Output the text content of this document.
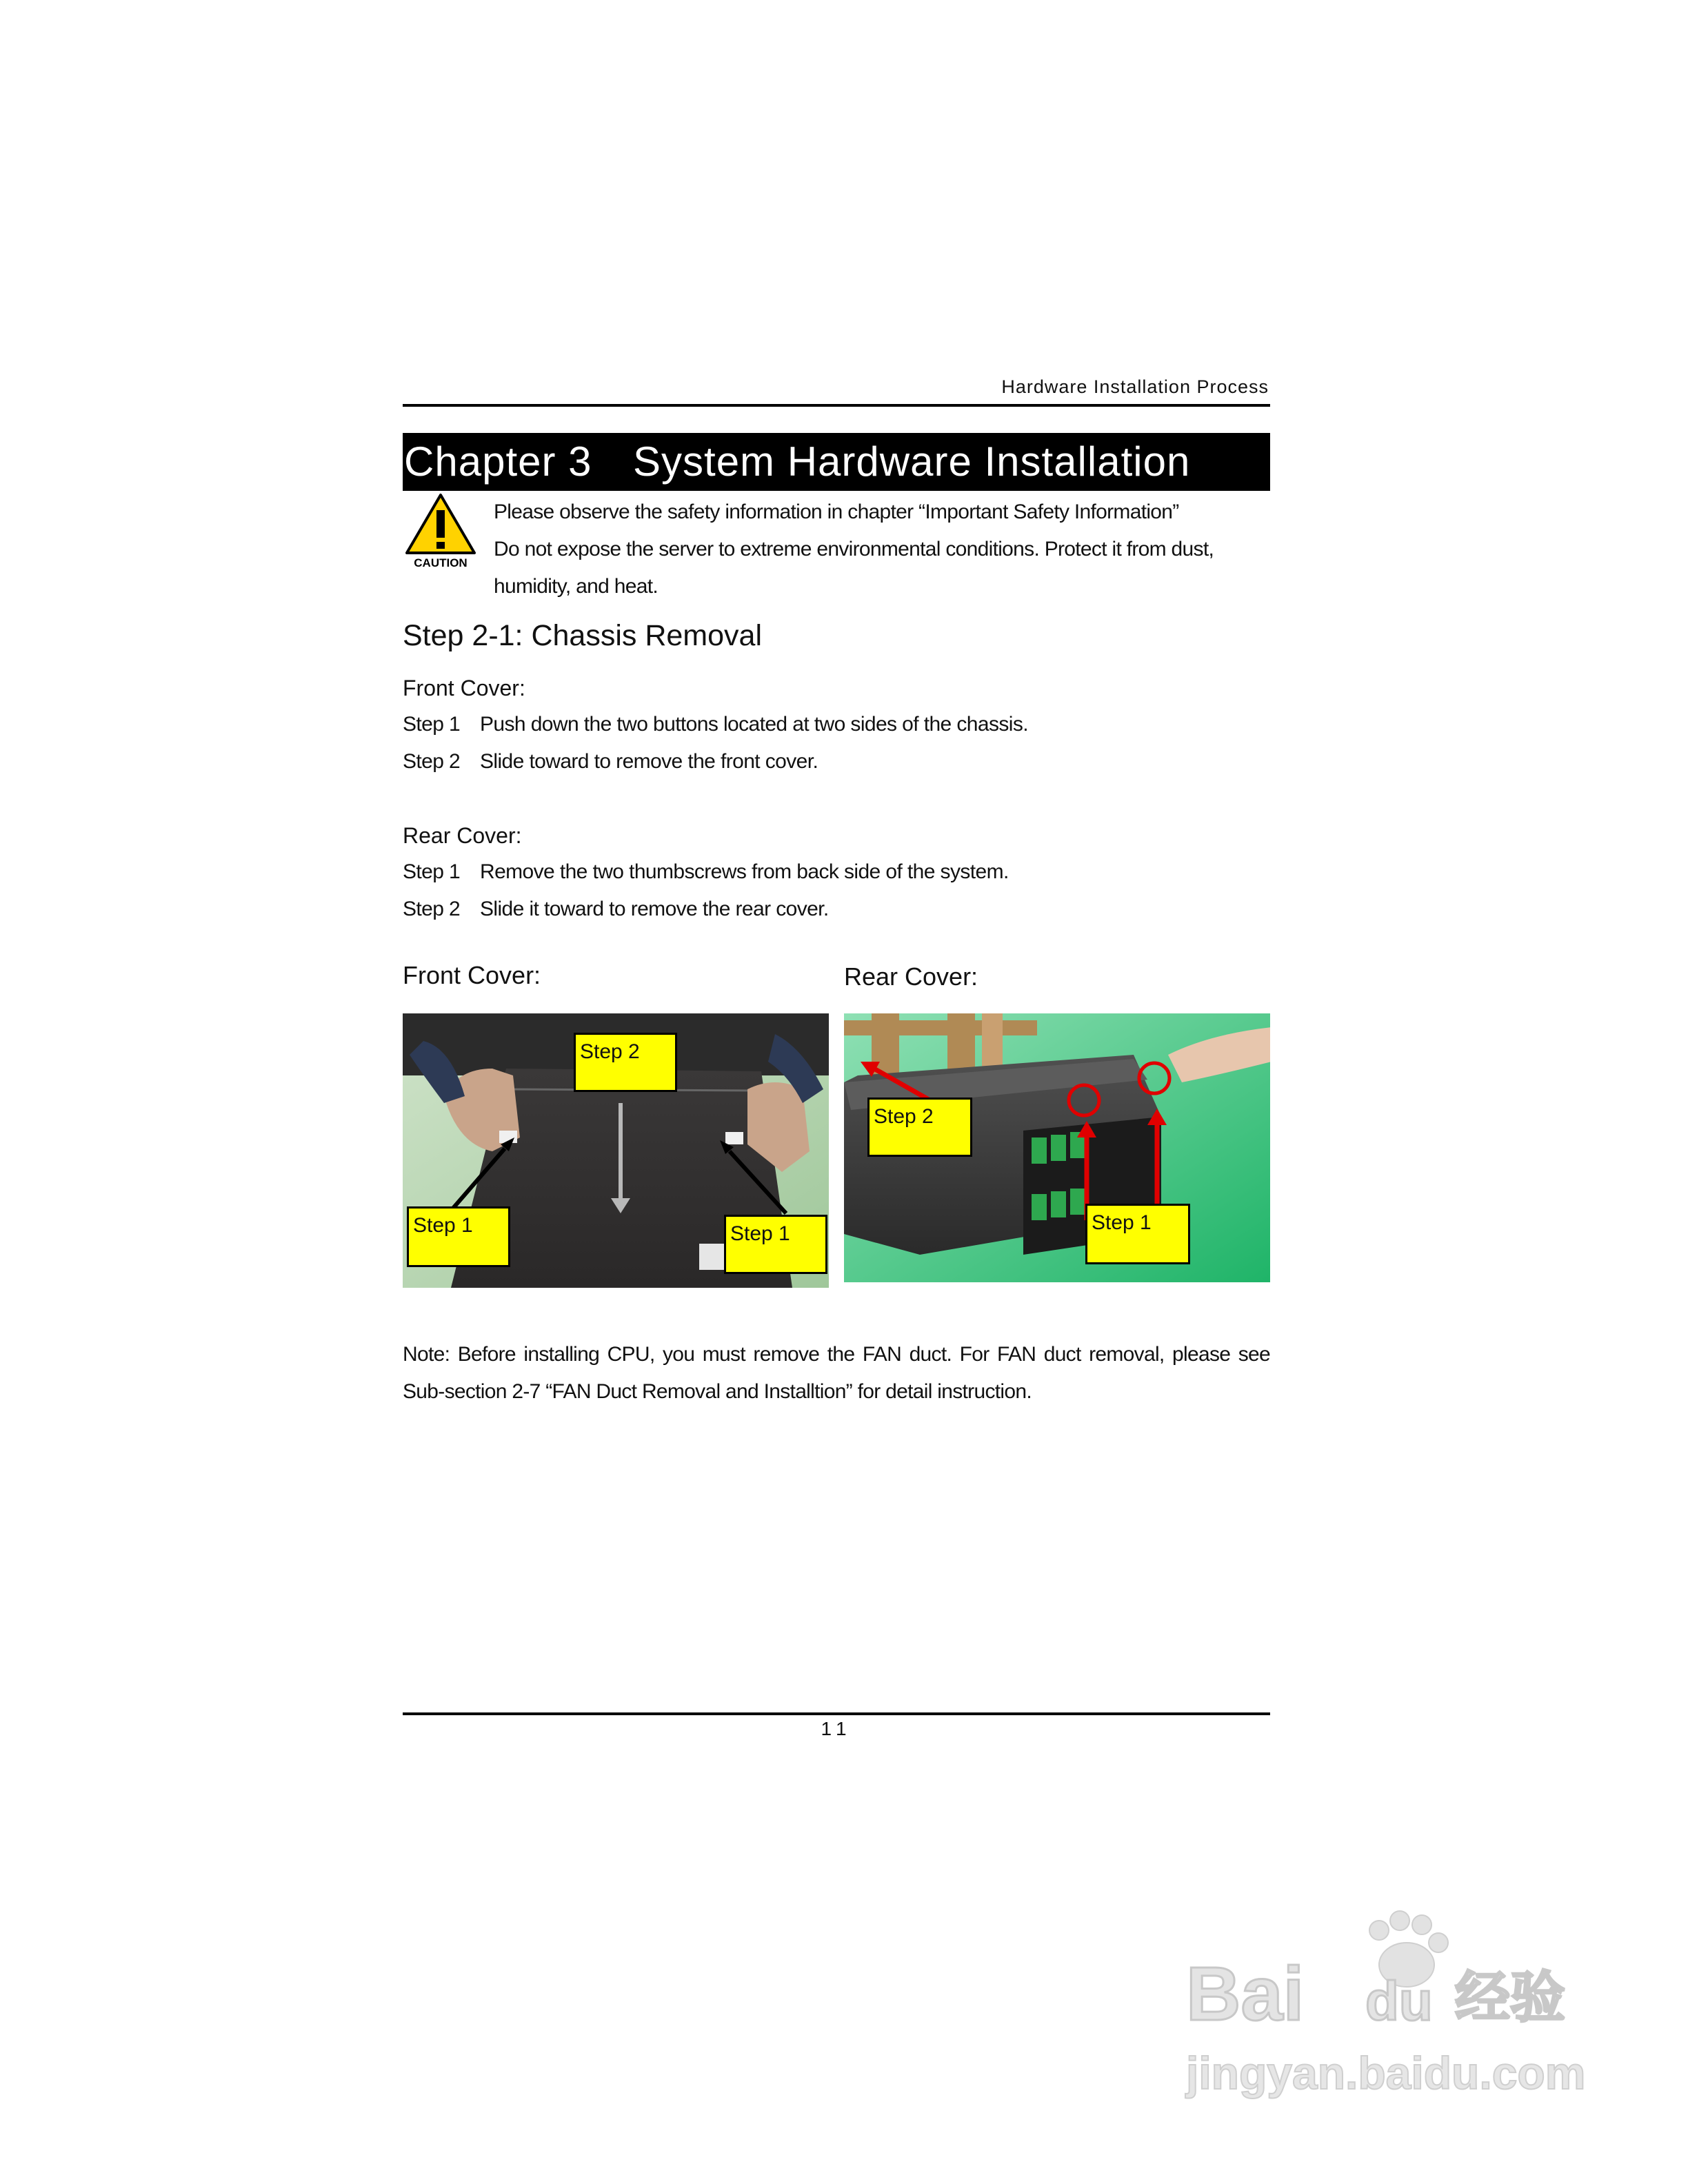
Hardware Installation Process
Chapter 3 System Hardware Installation
CAUTION

Please observe the safety information in chapter “Important Safety Information”

Do not expose the server to extreme environmental conditions. Protect it from dust, humidity, and heat.

Step 2-1: Chassis Removal
Front Cover:
Step 1 Push down the two buttons located at two sides of the chassis.
Step 2 Slide toward to remove the front cover.
Rear Cover:
Step 1 Remove the two thumbscrews from back side of the system.
Step 2 Slide it toward to remove the rear cover.
Front Cover:	Rear Cover:
Step 2
Step 1	Step 1
Step 2
Step 1
Note: Before installing CPU, you must remove the FAN duct. For FAN duct removal, please see Sub-section 2-7 “FAN Duct Removal and Installtion” for detail instruction.
11
Bai du 经验
jingyan.baidu.com
